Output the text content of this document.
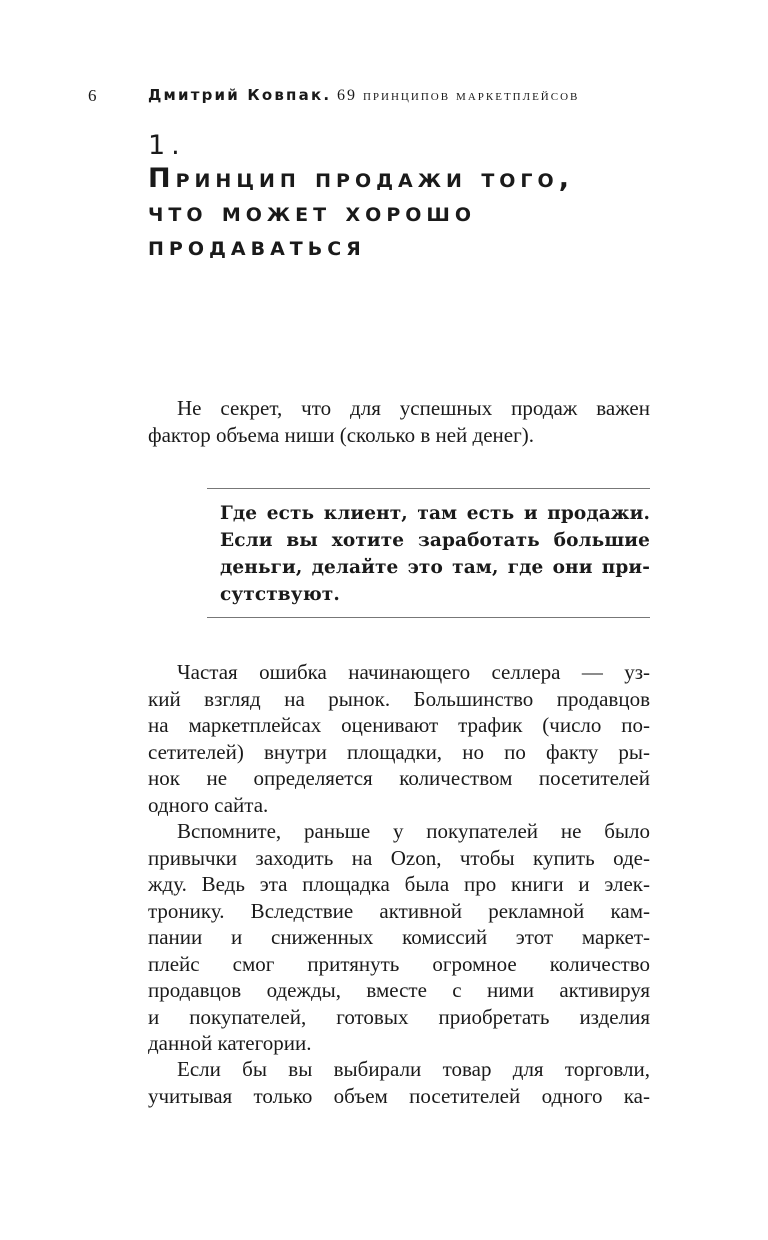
6	Дмитрий Ковпак. 69 принципов маркетплейсов
1.
Принцип продажи того,
что может хорошо
продаваться

Не секрет, что для успешных продаж важен
фактор объема ниши (сколько в ней денег).

Где есть клиент, там есть и продажи.
Если вы хотите заработать большие
деньги, делайте это там, где они при-
сутствуют.

Частая ошибка начинающего селлера — уз-
кий взгляд на рынок. Большинство продавцов
на маркетплейсах оценивают трафик (число по-
сетителей) внутри площадки, но по факту ры-
нок не определяется количеством посетителей
одного сайта.

Вспомните, раньше у покупателей не было
привычки заходить на Ozon, чтобы купить оде-
жду. Ведь эта площадка была про книги и элек-
тронику. Вследствие активной рекламной кам-
пании и сниженных комиссий этот маркет-
плейс смог притянуть огромное количество
продавцов одежды, вместе с ними активируя
и покупателей, готовых приобретать изделия
данной категории.

Если бы вы выбирали товар для торговли,
учитывая только объем посетителей одного ка-
